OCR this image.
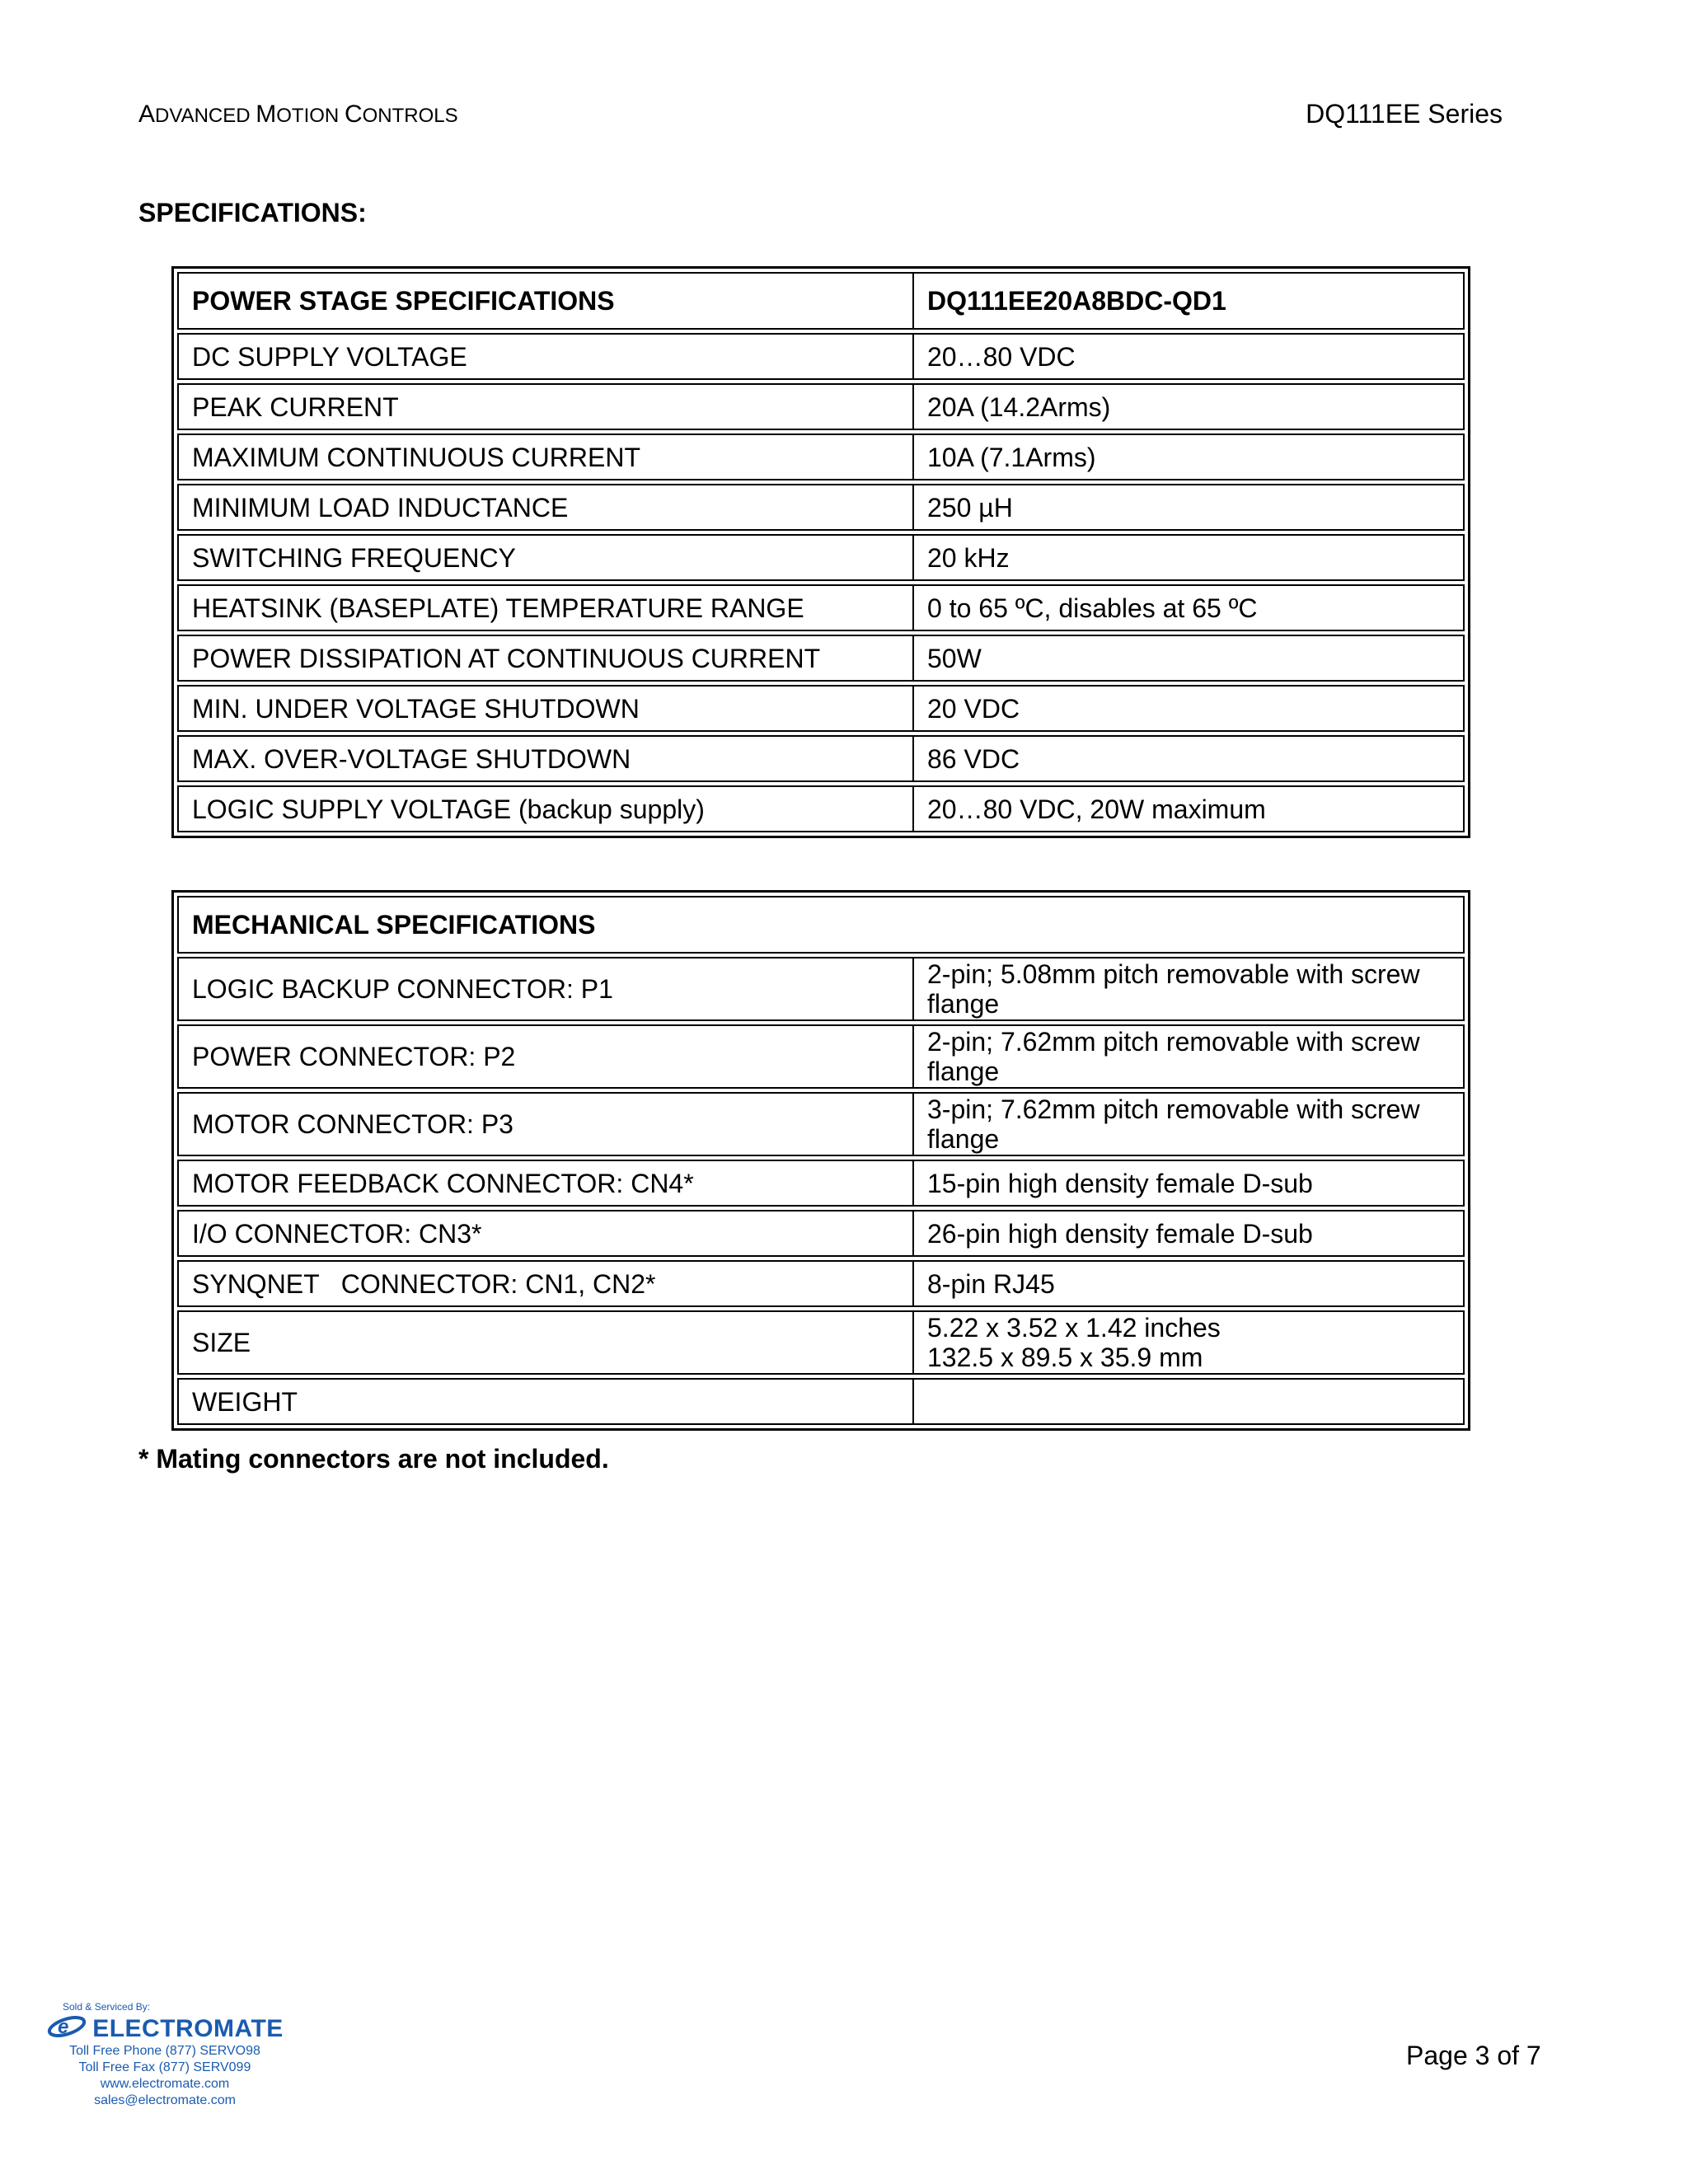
ADVANCED MOTION CONTROLS	DQ111EE Series
SPECIFICATIONS:
POWER STAGE SPECIFICATIONS	DQ111EE20A8BDC-QD1
DC SUPPLY VOLTAGE	20…80 VDC
PEAK CURRENT	20A (14.2Arms)
MAXIMUM CONTINUOUS CURRENT	10A (7.1Arms)
MINIMUM LOAD INDUCTANCE	250 µH
SWITCHING FREQUENCY	20 kHz
HEATSINK (BASEPLATE) TEMPERATURE RANGE	0 to 65 ºC, disables at 65 ºC
POWER DISSIPATION AT CONTINUOUS CURRENT	50W
MIN. UNDER VOLTAGE SHUTDOWN	20 VDC
MAX. OVER-VOLTAGE SHUTDOWN	86 VDC
LOGIC SUPPLY VOLTAGE (backup supply)	20…80 VDC, 20W maximum
MECHANICAL SPECIFICATIONS	
LOGIC BACKUP CONNECTOR: P1	2-pin; 5.08mm pitch removable with screw flange
POWER CONNECTOR: P2	2-pin; 7.62mm pitch removable with screw flange
MOTOR CONNECTOR: P3	3-pin; 7.62mm pitch removable with screw flange
MOTOR FEEDBACK CONNECTOR: CN4*	15-pin high density female D-sub
I/O CONNECTOR: CN3*	26-pin high density female D-sub
SYNQNET   CONNECTOR: CN1, CN2*	8-pin RJ45
SIZE	5.22 x 3.52 x 1.42 inches
132.5 x 89.5 x 35.9 mm

WEIGHT	
* Mating connectors are not included.
Sold & Serviced By:
e ELECTROMATE
Toll Free Phone (877) SERVO98
Toll Free Fax (877) SERV099
www.electromate.com
sales@electromate.com
Page 3 of 7
